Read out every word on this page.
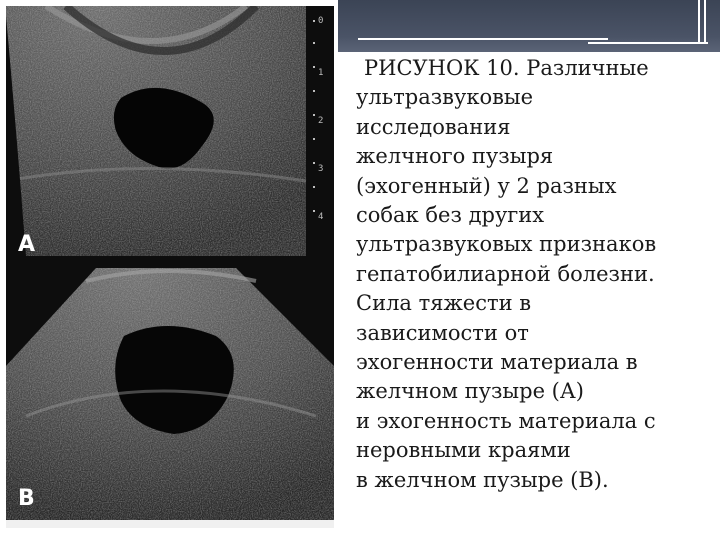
0
1
2
3
4
A
B
РИСУНОК 10. Различные
ультразвуковые
исследования
желчного пузыря
(эхогенный) у 2 разных
собак без других
ультразвуковых признаков
гепатобилиарной болезни.
Сила тяжести в
зависимости от
эхогенности материала в
желчном пузыре (А)
и эхогенность материала с
неровными краями
в желчном пузыре (В).
